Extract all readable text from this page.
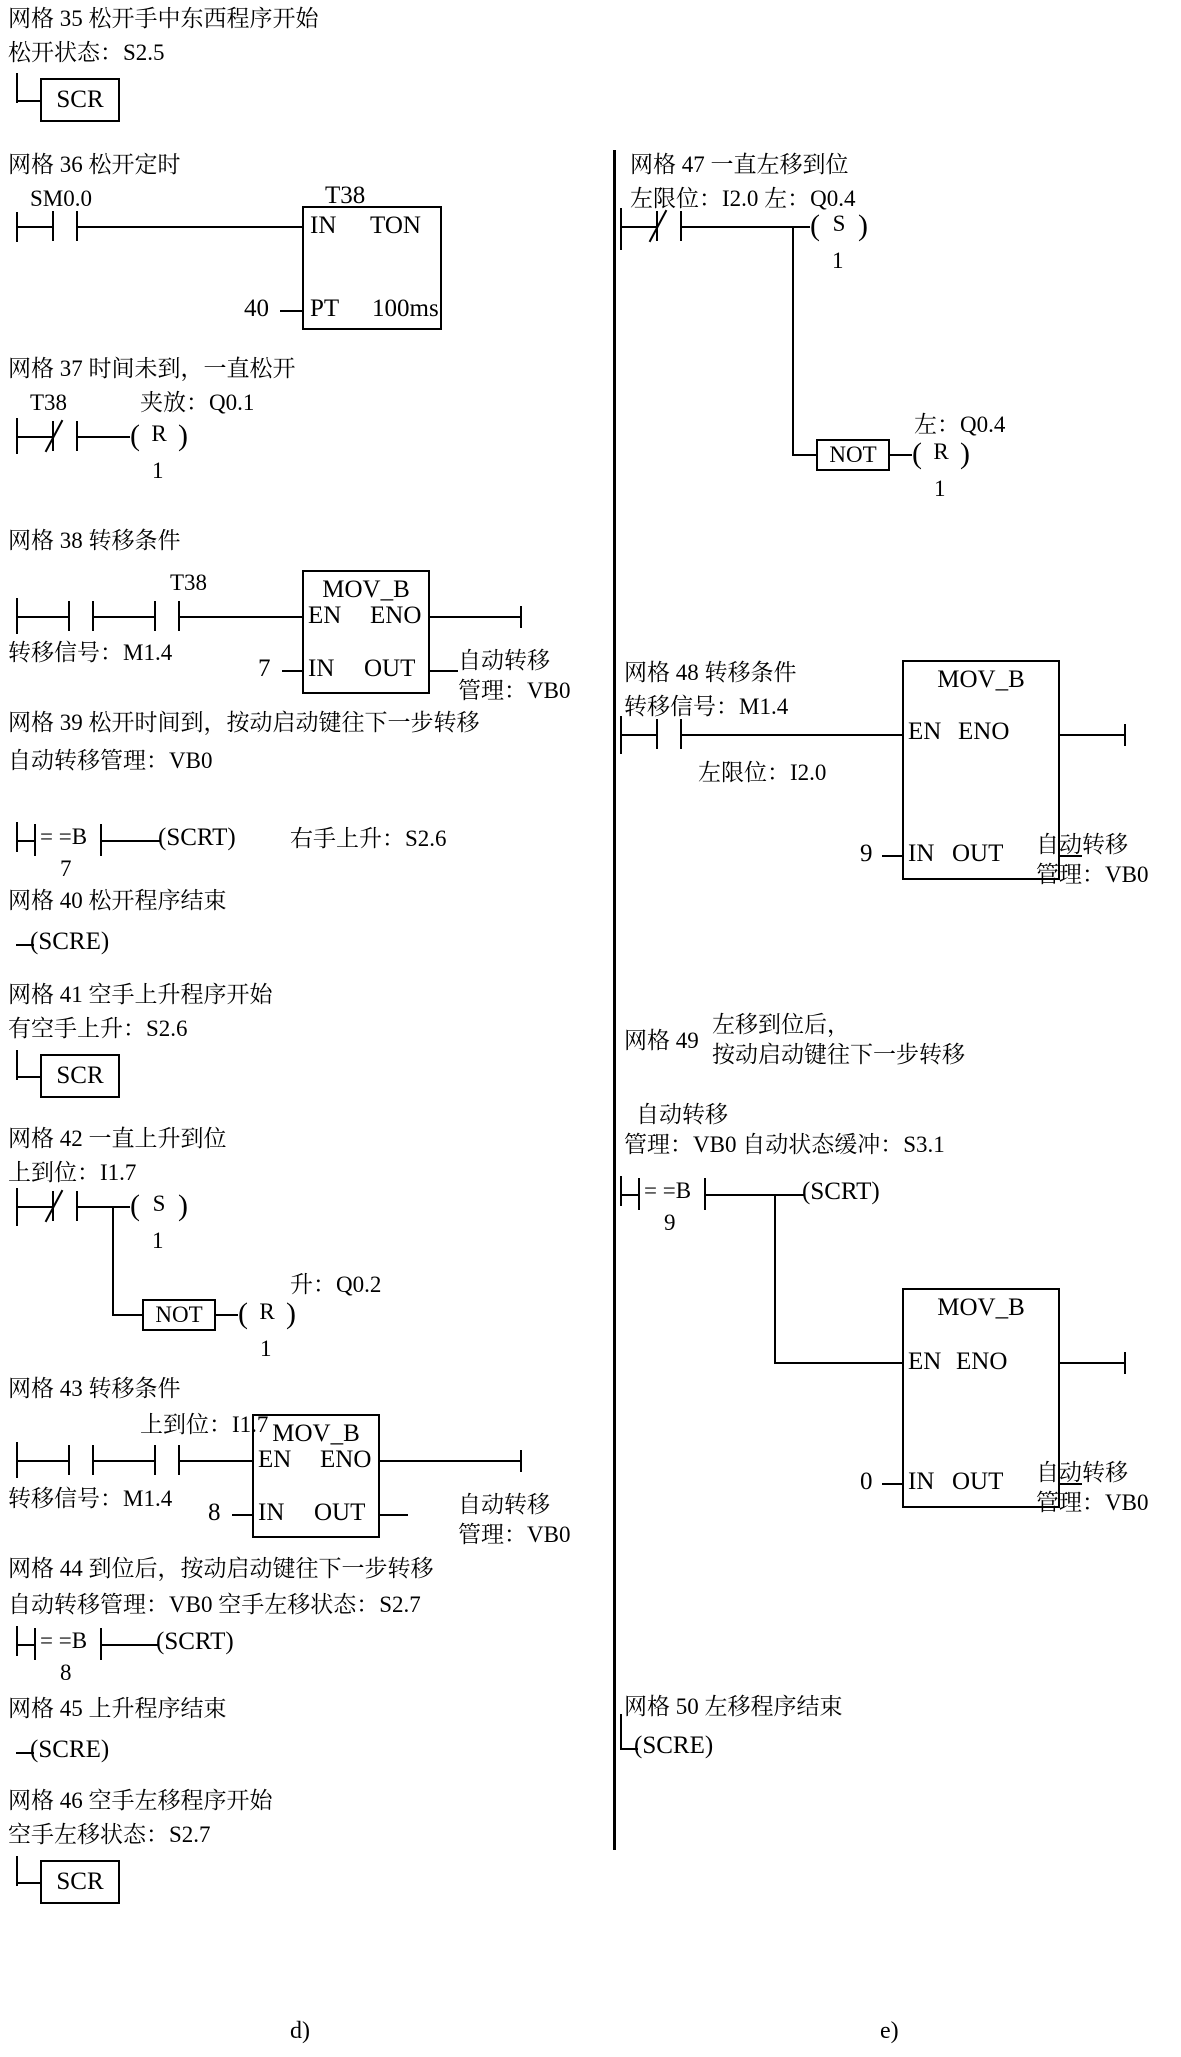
网格 35 松开手中东西程序开始
松开状态：S2.5
SCR
网格 36 松开定时
SM0.0	T38
IN TON
PT 100ms
40
网格 37 时间未到，一直松开
T38	夹放：Q0.1
( R )
1
网格 38 转移条件
T38
转移信号：M1.4
MOV_B
EN ENO
IN OUT
7	自动转移
管理：VB0
网格 39 松开时间到，按动启动键往下一步转移
自动转移管理：VB0
= =B
7
(SCRT) 右手上升：S2.6
网格 40 松开程序结束
(SCRE)
网格 41 空手上升程序开始
有空手上升：S2.6
SCR
网格 42 一直上升到位
上到位：I1.7
( S )
1
NOT	( R )
1
升：Q0.2
网格 43 转移条件
上到位：I1.7
转移信号：M1.4
MOV_B
EN ENO
IN OUT
8	自动转移
管理：VB0
网格 44 到位后，按动启动键往下一步转移
自动转移管理：VB0 空手左移状态：S2.7
= =B
8
(SCRT)
网格 45 上升程序结束
(SCRE)
网格 46 空手左移程序开始
空手左移状态：S2.7
SCR
d)
网格 47 一直左移到位
左限位：I2.0 左：Q0.4
( S )
1
NOT	( R )
1
左：Q0.4
网格 48 转移条件
转移信号：M1.4
左限位：I2.0
MOV_B
EN ENO
IN OUT
9	自动转移
管理：VB0
网格 49
左移到位后，
按动启动键往下一步转移
自动转移
管理：VB0 自动状态缓冲：S3.1
= =B
9
(SCRT)
MOV_B
EN ENO
IN OUT
0	自动转移
管理：VB0
网格 50 左移程序结束
(SCRE)
e)
